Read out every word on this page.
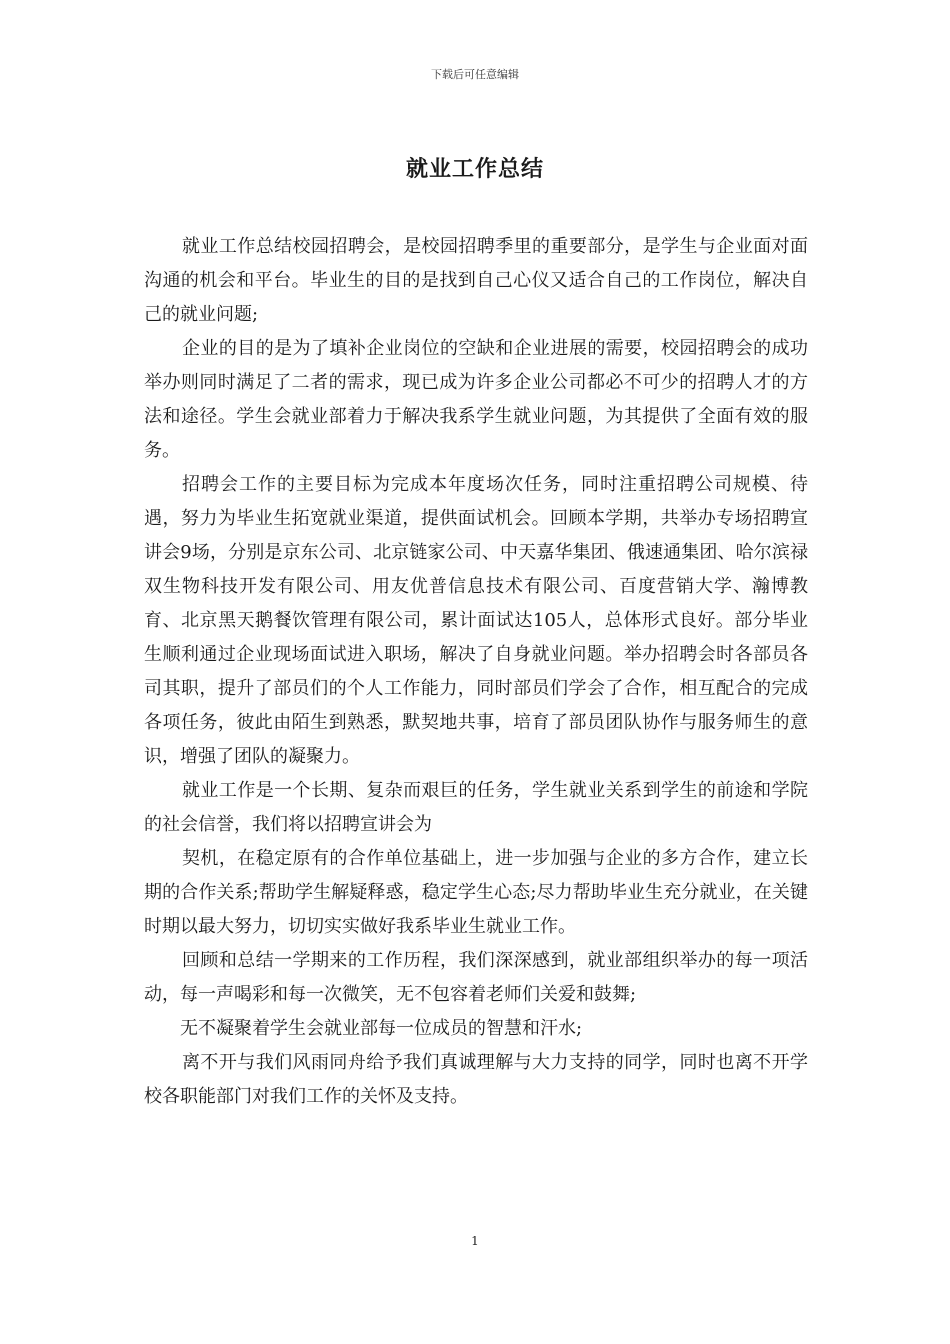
下载后可任意编辑
就业工作总结

就业工作总结校园招聘会，是校园招聘季里的重要部分，是学生与企业面对面沟通的机会和平台。毕业生的目的是找到自己心仪又适合自己的工作岗位，解决自己的就业问题;

企业的目的是为了填补企业岗位的空缺和企业进展的需要，校园招聘会的成功举办则同时满足了二者的需求，现已成为许多企业公司都必不可少的招聘人才的方法和途径。学生会就业部着力于解决我系学生就业问题，为其提供了全面有效的服务。

招聘会工作的主要目标为完成本年度场次任务，同时注重招聘公司规模、待遇，努力为毕业生拓宽就业渠道，提供面试机会。回顾本学期，共举办专场招聘宣讲会9场，分别是京东公司、北京链家公司、中天嘉华集团、俄速通集团、哈尔滨禄双生物科技开发有限公司、用友优普信息技术有限公司、百度营销大学、瀚博教育、北京黑天鹅餐饮管理有限公司，累计面试达105人，总体形式良好。部分毕业生顺利通过企业现场面试进入职场，解决了自身就业问题。举办招聘会时各部员各司其职，提升了部员们的个人工作能力，同时部员们学会了合作，相互配合的完成各项任务，彼此由陌生到熟悉，默契地共事，培育了部员团队协作与服务师生的意识，增强了团队的凝聚力。

就业工作是一个长期、复杂而艰巨的任务，学生就业关系到学生的前途和学院的社会信誉，我们将以招聘宣讲会为

契机，在稳定原有的合作单位基础上，进一步加强与企业的多方合作，建立长期的合作关系;帮助学生解疑释惑，稳定学生心态;尽力帮助毕业生充分就业，在关键时期以最大努力，切切实实做好我系毕业生就业工作。

回顾和总结一学期来的工作历程，我们深深感到，就业部组织举办的每一项活动，每一声喝彩和每一次微笑，无不包容着老师们关爱和鼓舞;

无不凝聚着学生会就业部每一位成员的智慧和汗水;

离不开与我们风雨同舟给予我们真诚理解与大力支持的同学，同时也离不开学校各职能部门对我们工作的关怀及支持。

1
